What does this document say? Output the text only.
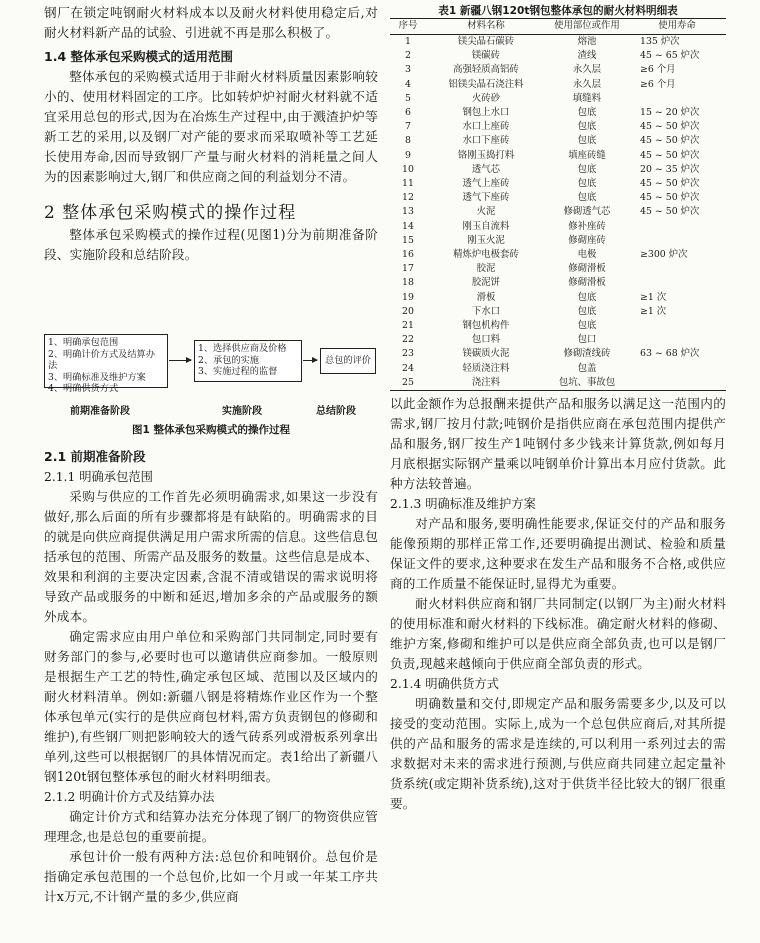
钢厂在锁定吨钢耐火材料成本以及耐火材料使用稳定后,对耐火材料新产品的试验、引进就不再是那么积极了。

1.4 整体承包采购模式的适用范围

整体承包的采购模式适用于非耐火材料质量因素影响较小的、使用材料固定的工序。比如转炉炉衬耐火材料就不适宜采用总包的形式,因为在冶炼生产过程中,由于溅渣护炉等新工艺的采用,以及钢厂对产能的要求而采取喷补等工艺延长使用寿命,因而导致钢厂产量与耐火材料的消耗量之间人为的因素影响过大,钢厂和供应商之间的利益划分不清。

2 整体承包采购模式的操作过程

整体承包采购模式的操作过程(见图1)分为前期准备阶段、实施阶段和总结阶段。

1、明确承包范围
2、明确计价方式及结算办法
3、明确标准及维护方案
4、明确供货方式
1、选择供应商及价格
2、承包的实施
3、实施过程的监督
总包的评价
前期准备阶段	实施阶段	总结阶段
图1 整体承包采购模式的操作过程

2.1 前期准备阶段

2.1.1 明确承包范围

采购与供应的工作首先必须明确需求,如果这一步没有做好,那么后面的所有步骤都将是有缺陷的。明确需求的目的就是向供应商提供满足用户需求所需的信息。这些信息包括承包的范围、所需产品及服务的数量。这些信息是成本、效果和利润的主要决定因素,含混不清或错误的需求说明将导致产品或服务的中断和延迟,增加多余的产品或服务的额外成本。

确定需求应由用户单位和采购部门共同制定,同时要有财务部门的参与,必要时也可以邀请供应商参加。一般原则是根据生产工艺的特性,确定承包区域、范围以及区域内的耐火材料清单。例如:新疆八钢是将精炼作业区作为一个整体承包单元(实行的是供应商包材料,需方负责钢包的修砌和维护),有些钢厂则把影响较大的透气砖系列或滑板系列拿出单列,这些可以根据钢厂的具体情况而定。表1给出了新疆八钢120t钢包整体承包的耐火材料明细表。

2.1.2 明确计价方式及结算办法

确定计价方式和结算办法充分体现了钢厂的物资供应管理理念,也是总包的重要前提。

承包计价一般有两种方法:总包价和吨钢价。总包价是指确定承包范围的一个总包价,比如一个月或一年某工序共计x万元,不计钢产量的多少,供应商

表1 新疆八钢120t钢包整体承包的耐火材料明细表
序号	材料名称	使用部位或作用	使用寿命
1	镁尖晶石碳砖	熔池	135 炉次
2	镁碳砖	渣线	45 ~ 65 炉次
3	高强轻质高铝砖	永久层	≥6 个月
4	铝镁尖晶石浇注料	永久层	≥6 个月
5	火砖砂	填缝料	
6	钢包上水口	包底	15 ~ 20 炉次
7	水口上座砖	包底	45 ~ 50 炉次
8	水口下座砖	包底	45 ~ 50 炉次
9	铬刚玉捣打料	填座砖缝	45 ~ 50 炉次
10	透气芯	包底	20 ~ 35 炉次
11	透气上座砖	包底	45 ~ 50 炉次
12	透气下座砖	包底	45 ~ 50 炉次
13	火泥	修砌透气芯	45 ~ 50 炉次
14	刚玉自流料	修补座砖	
15	刚玉火泥	修砌座砖	
16	精炼炉电极套砖	电极	≥300 炉次
17	胶泥	修砌滑板	
18	胶泥饼	修砌滑板	
19	滑板	包底	≥1 次
20	下水口	包底	≥1 次
21	钢包机构件	包底	
22	包口料	包口	
23	镁碳质火泥	修砌渣线砖	63 ~ 68 炉次
24	轻质浇注料	包盖	
25	浇注料	包坑、事故包	

以此金额作为总报酬来提供产品和服务以满足这一范围内的需求,钢厂按月付款;吨钢价是指供应商在承包范围内提供产品和服务,钢厂按生产1吨钢付多少钱来计算货款,例如每月月底根据实际钢产量乘以吨钢单价计算出本月应付货款。此种方法较普遍。

2.1.3 明确标准及维护方案

对产品和服务,要明确性能要求,保证交付的产品和服务能像预期的那样正常工作,还要明确提出测试、检验和质量保证文件的要求,这种要求在发生产品和服务不合格,或供应商的工作质量不能保证时,显得尤为重要。

耐火材料供应商和钢厂共同制定(以钢厂为主)耐火材料的使用标准和耐火材料的下线标准。确定耐火材料的修砌、维护方案,修砌和维护可以是供应商全部负责,也可以是钢厂负责,现越来越倾向于供应商全部负责的形式。

2.1.4 明确供货方式

明确数量和交付,即规定产品和服务需要多少,以及可以接受的变动范围。实际上,成为一个总包供应商后,对其所提供的产品和服务的需求是连续的,可以利用一系列过去的需求数据对未来的需求进行预测,与供应商共同建立起定量补货系统(或定期补货系统),这对于供货半径比较大的钢厂很重要。
